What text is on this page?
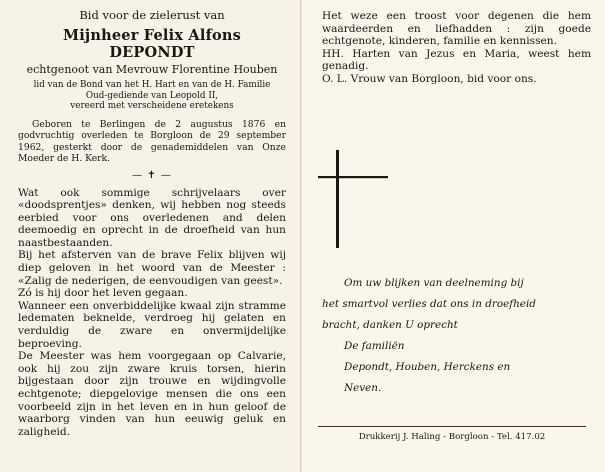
Bid voor de zielerust van

Mijnheer Felix Alfons DEPONDT

echtgenoot van Mevrouw Florentine Houben

lid van de Bond van het H. Hart en van de H. Familie

Oud-gediende van Leopold II,

vereerd met verscheidene eretekens

Geboren te Berlingen de 2 augustus 1876 en godvruchtig overleden te Borgloon de 29 september 1962, gesterkt door de genademiddelen van Onze Moeder de H. Kerk.

— ✝ —

Wat ook sommige schrijvelaars over «doodsprentjes» denken, wij hebben nog steeds eerbied voor ons overledenen and delen deemoedig en oprecht in de droefheid van hun naastbestaanden.

Bij het afsterven van de brave Felix blijven wij diep geloven in het woord van de Meester : «Zalig de nederigen, de eenvoudigen van geest».

Zó is hij door het leven gegaan.

Wanneer een onverbiddelijke kwaal zijn stramme ledematen beknelde, verdroeg hij gelaten en verduldig de zware en onvermijdelijke beproeving.

De Meester was hem voorgegaan op Calvarie, ook hij zou zijn zware kruis torsen, hierin bijgestaan door zijn trouwe en wijdingvolle echtgenote; diepgelovige mensen die ons een voorbeeld zijn in het leven en in hun geloof de waarborg vinden van hun eeuwig geluk en zaligheid.

Het weze een troost voor degenen die hem waardeerden en liefhadden : zijn goede echtgenote, kinderen, familie en kennissen.

HH. Harten van Jezus en Maria, weest hem genadig.

O. L. Vrouw van Borgloon, bid voor ons.

Om uw blijken van deelneming bij

het smartvol verlies dat ons in droefheid

bracht, danken U oprecht

De familiën

Depondt, Houben, Herckens en

Neven.

Drukkerij J. Haling - Borgloon - Tel. 417.02
